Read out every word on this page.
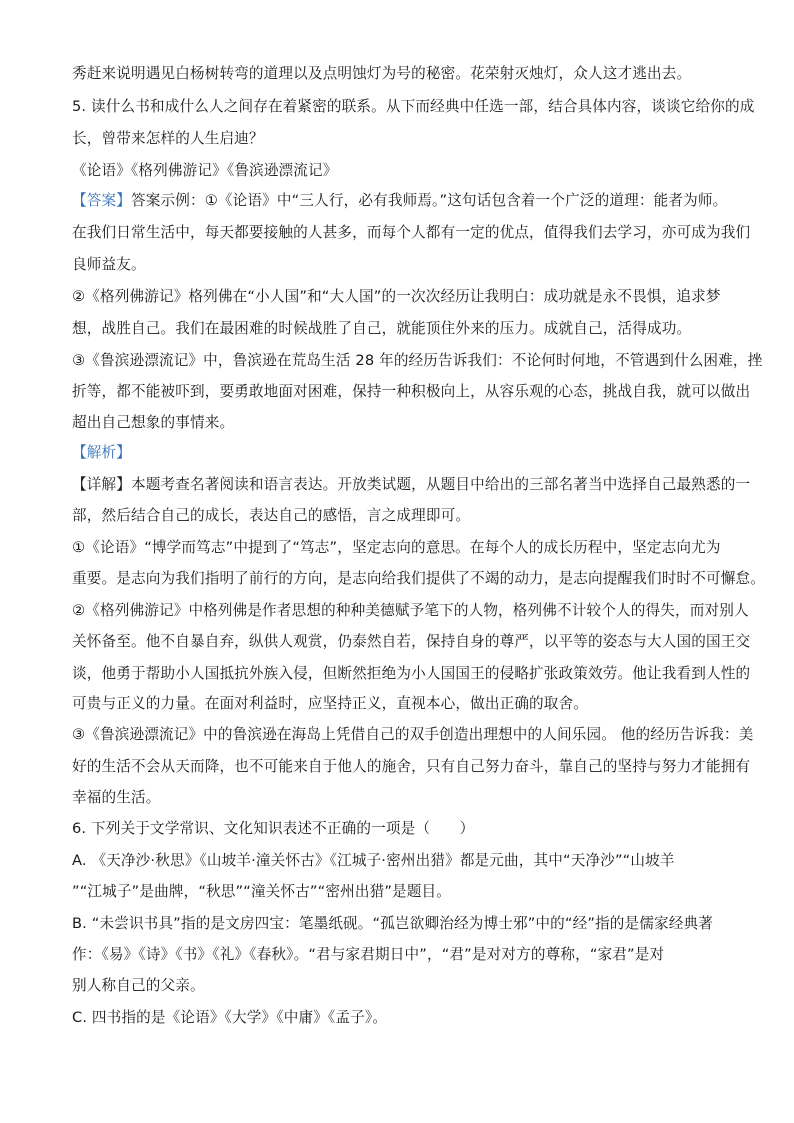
秀赶来说明遇见白杨树转弯的道理以及点明蚀灯为号的秘密。花荣射灭烛灯，众人这才逃出去。
5. 读什么书和成什么人之间存在着紧密的联系。从下而经典中任选一部，结合具体内容，谈谈它给你的成
长，曾带来怎样的人生启迪？
《论语》《格列佛游记》《鲁滨逊漂流记》
【答案】答案示例：①《论语》中“三人行，必有我师焉。”这句话包含着一个广泛的道理：能者为师。
在我们日常生活中，每天都要接触的人甚多，而每个人都有一定的优点，值得我们去学习，亦可成为我们
良师益友。
②《格列佛游记》格列佛在“小人国”和“大人国”的一次次经历让我明白：成功就是永不畏惧，追求梦
想，战胜自己。我们在最困难的时候战胜了自己，就能顶住外来的压力。成就自己，活得成功。
③《鲁滨逊漂流记》中，鲁滨逊在荒岛生活 28 年的经历告诉我们：不论何时何地，不管遇到什么困难，挫
折等，都不能被吓到，要勇敢地面对困难，保持一种积极向上，从容乐观的心态，挑战自我，就可以做出
超出自己想象的事情来。
【解析】
【详解】本题考查名著阅读和语言表达。开放类试题，从题目中给出的三部名著当中选择自己最熟悉的一
部，然后结合自己的成长，表达自己的感悟，言之成理即可。
①《论语》“博学而笃志”中提到了“笃志”，坚定志向的意思。在每个人的成长历程中，坚定志向尤为
重要。是志向为我们指明了前行的方向，是志向给我们提供了不竭的动力，是志向提醒我们时时不可懈怠。
②《格列佛游记》中格列佛是作者思想的种种美德赋予笔下的人物，格列佛不计较个人的得失，而对别人
关怀备至。他不自暴自弃，纵供人观赏，仍泰然自若，保持自身的尊严，以平等的姿态与大人国的国王交
谈，他勇于帮助小人国抵抗外族入侵，但断然拒绝为小人国国王的侵略扩张政策效劳。他让我看到人性的
可贵与正义的力量。在面对利益时，应坚持正义，直视本心，做出正确的取舍。
③《鲁滨逊漂流记》中的鲁滨逊在海岛上凭借自己的双手创造出理想中的人间乐园。 他的经历告诉我：美
好的生活不会从天而降，也不可能来自于他人的施舍，只有自己努力奋斗，靠自己的坚持与努力才能拥有
幸福的生活。
6. 下列关于文学常识、文化知识表述不正确的一项是（　　）
A. 《天净沙·秋思》《山坡羊·潼关怀古》《江城子·密州出猎》都是元曲，其中“天净沙”“山坡羊
”“江城子”是曲牌，“秋思”“潼关怀古”“密州出猎”是题目。
B. “未尝识书具”指的是文房四宝：笔墨纸砚。“孤岂欲卿治经为博士邪”中的“经”指的是儒家经典著
作：《易》《诗》《书》《礼》《春秋》。“君与家君期日中”，“君”是对对方的尊称，“家君”是对
别人称自己的父亲。
C. 四书指的是《论语》《大学》《中庸》《孟子》。
